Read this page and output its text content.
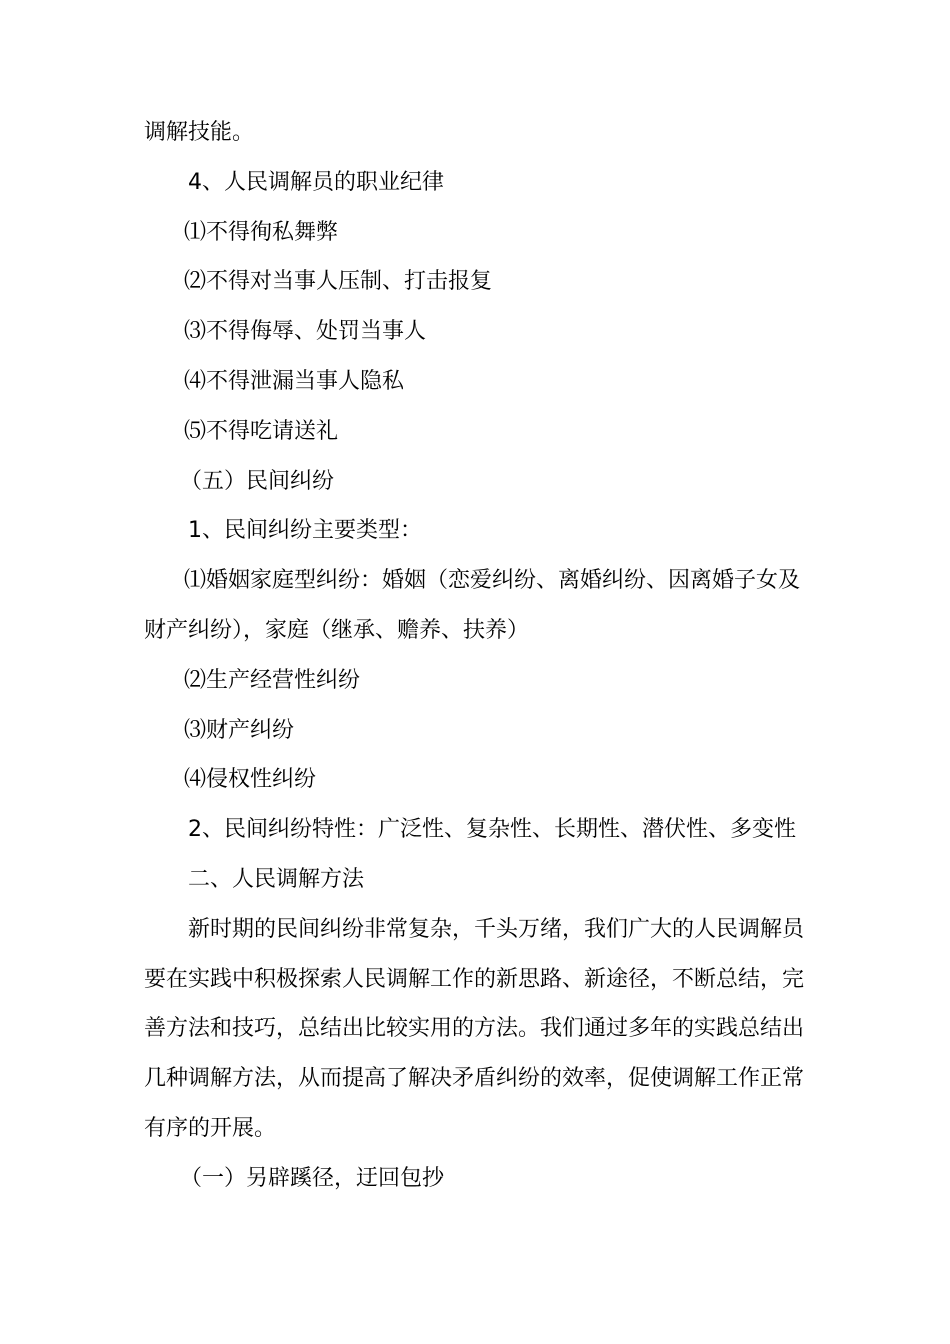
调解技能。

4、人民调解员的职业纪律

⑴不得徇私舞弊

⑵不得对当事人压制、打击报复

⑶不得侮辱、处罚当事人

⑷不得泄漏当事人隐私

⑸不得吃请送礼

（五）民间纠纷

1、民间纠纷主要类型：

⑴婚姻家庭型纠纷：婚姻（恋爱纠纷、离婚纠纷、因离婚子女及财产纠纷），家庭（继承、赡养、扶养）

⑵生产经营性纠纷

⑶财产纠纷

⑷侵权性纠纷

2、民间纠纷特性：广泛性、复杂性、长期性、潜伏性、多变性

二、人民调解方法

新时期的民间纠纷非常复杂，千头万绪，我们广大的人民调解员要在实践中积极探索人民调解工作的新思路、新途径，不断总结，完善方法和技巧，总结出比较实用的方法。我们通过多年的实践总结出几种调解方法，从而提高了解决矛盾纠纷的效率，促使调解工作正常有序的开展。

（一）另辟蹊径，迂回包抄
